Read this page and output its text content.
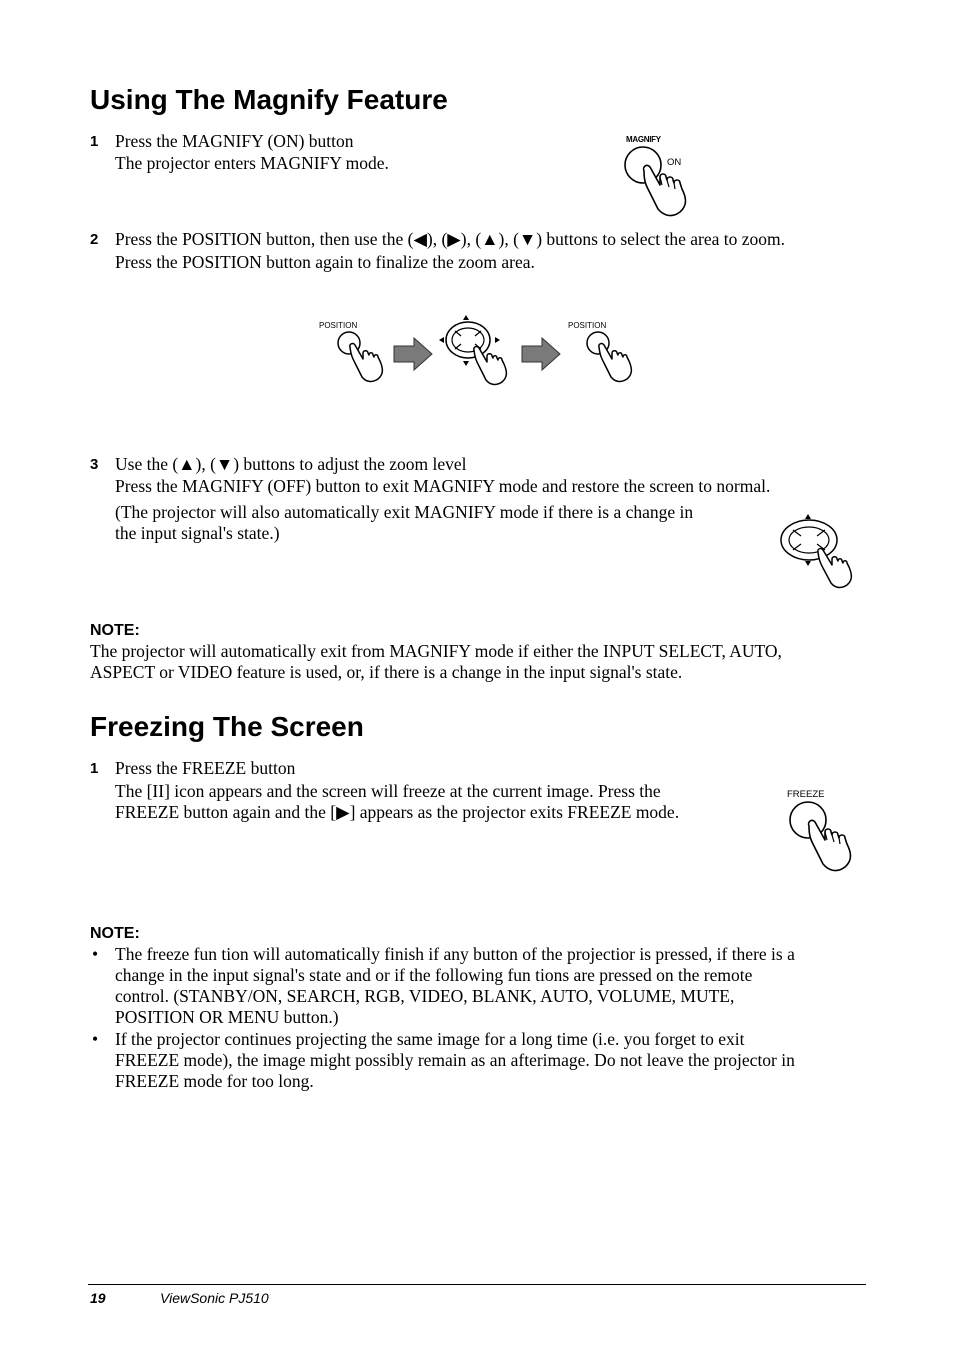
Using The Magnify Feature
1 Press the MAGNIFY (ON) button
The projector enters MAGNIFY mode.
MAGNIFY
ON
2 Press the POSITION button, then use the (◀), (▶), (▲), (▼) buttons to select the area to zoom.
Press the POSITION button again to finalize the zoom area.
POSITION	POSITION
3 Use the (▲), (▼) buttons to adjust the zoom level
Press the MAGNIFY (OFF) button to exit MAGNIFY mode and restore the screen to normal.
(The projector will also automatically exit MAGNIFY mode if there is a change in
the input signal's state.)
NOTE:
The projector will automatically exit from MAGNIFY mode if either the INPUT SELECT, AUTO,
ASPECT or VIDEO feature is used, or, if there is a change in the input signal's state.
Freezing The Screen
1 Press the FREEZE button
The [II] icon appears and the screen will freeze at the current image. Press the
FREEZE button again and the [▶] appears as the projector exits FREEZE mode.
FREEZE
NOTE:
• The freeze fun tion will automatically finish if any button of the projectior is pressed, if there is a
change in the input signal's state and or if the following fun tions are pressed on the remote
control. (STANBY/ON, SEARCH, RGB, VIDEO, BLANK, AUTO, VOLUME, MUTE,
POSITION OR MENU button.)
• If the projector continues projecting the same image for a long time (i.e. you forget to exit
FREEZE mode), the image might possibly remain as an afterimage. Do not leave the projector in
FREEZE mode for too long.
19	ViewSonic PJ510
